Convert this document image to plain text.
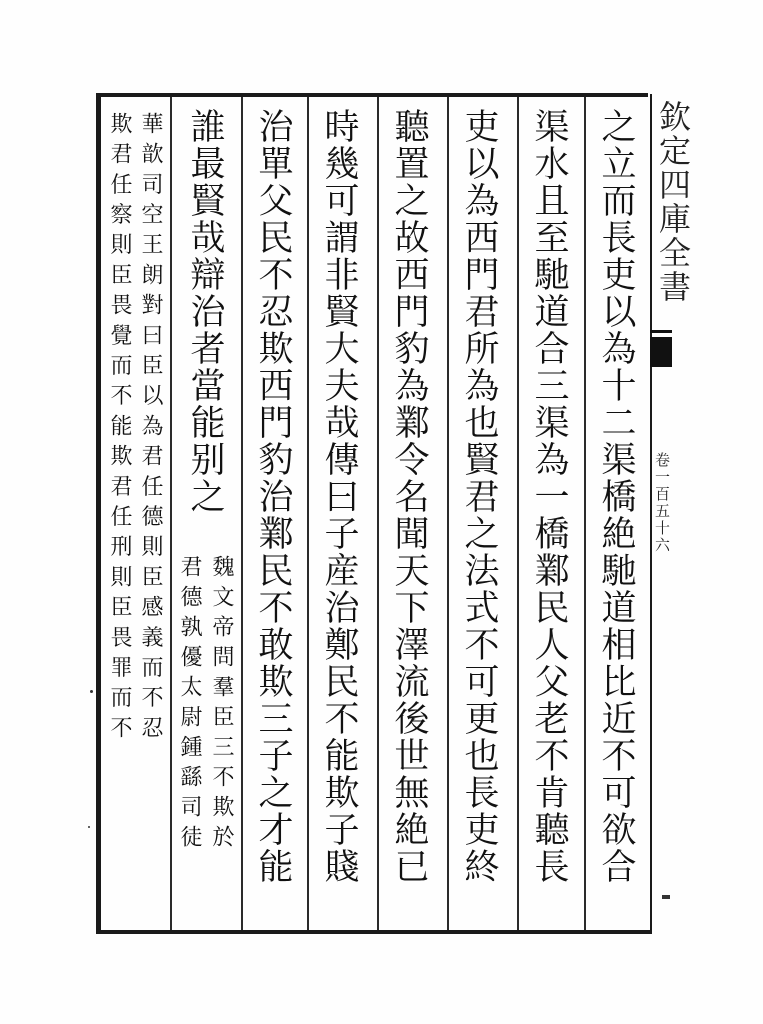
之立而長吏以為十二渠橋絶馳道相比近不可欲合
渠水且至馳道合三渠為一橋鄴民人父老不肯聽長
吏以為西門君所為也賢君之法式不可更也長吏終
聽置之故西門豹為鄴令名聞天下澤流後世無絶已
時幾可謂非賢大夫哉傳曰子産治鄭民不能欺子賤
治單父民不忍欺西門豹治鄴民不敢欺三子之才能
誰最賢哉辯治者當能别之
魏文帝問羣臣三不欺於
君德孰優太尉鍾繇司徒
華歆司空王朗對曰臣以為君任德則臣感義而不忍
欺君任察則臣畏覺而不能欺君任刑則臣畏罪而不	欽定四庫全書
卷一百五十六
